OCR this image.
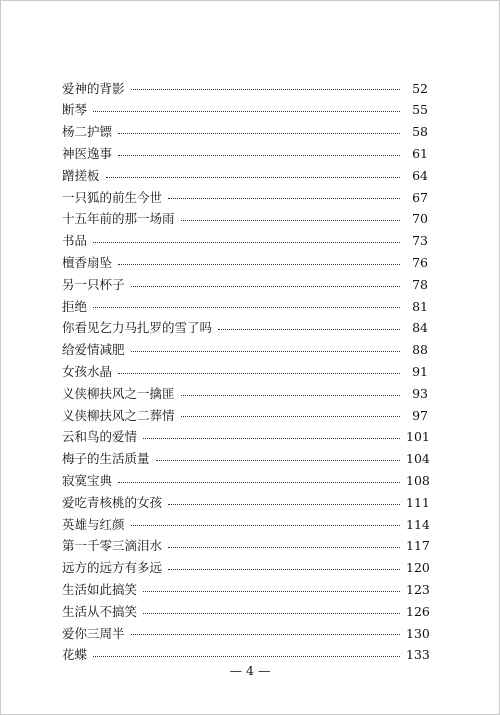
爱神的背影	52
断琴	55
杨二护镖	58
神医逸事	61
蹭搓板	64
一只狐的前生今世	67
十五年前的那一场雨	70
书品	73
檀香扇坠	76
另一只杯子	78
拒绝	81
你看见乞力马扎罗的雪了吗	84
给爱情减肥	88
女孩水晶	91
义侠柳扶风之一擒匪	93
义侠柳扶风之二葬情	97
云和鸟的爱情	101
梅子的生活质量	104
寂寞宝典	108
爱吃青核桃的女孩	111
英雄与红颜	114
第一千零三滴泪水	117
远方的远方有多远	120
生活如此搞笑	123
生活从不搞笑	126
爱你三周半	130
花蝶	133
— 4 —
